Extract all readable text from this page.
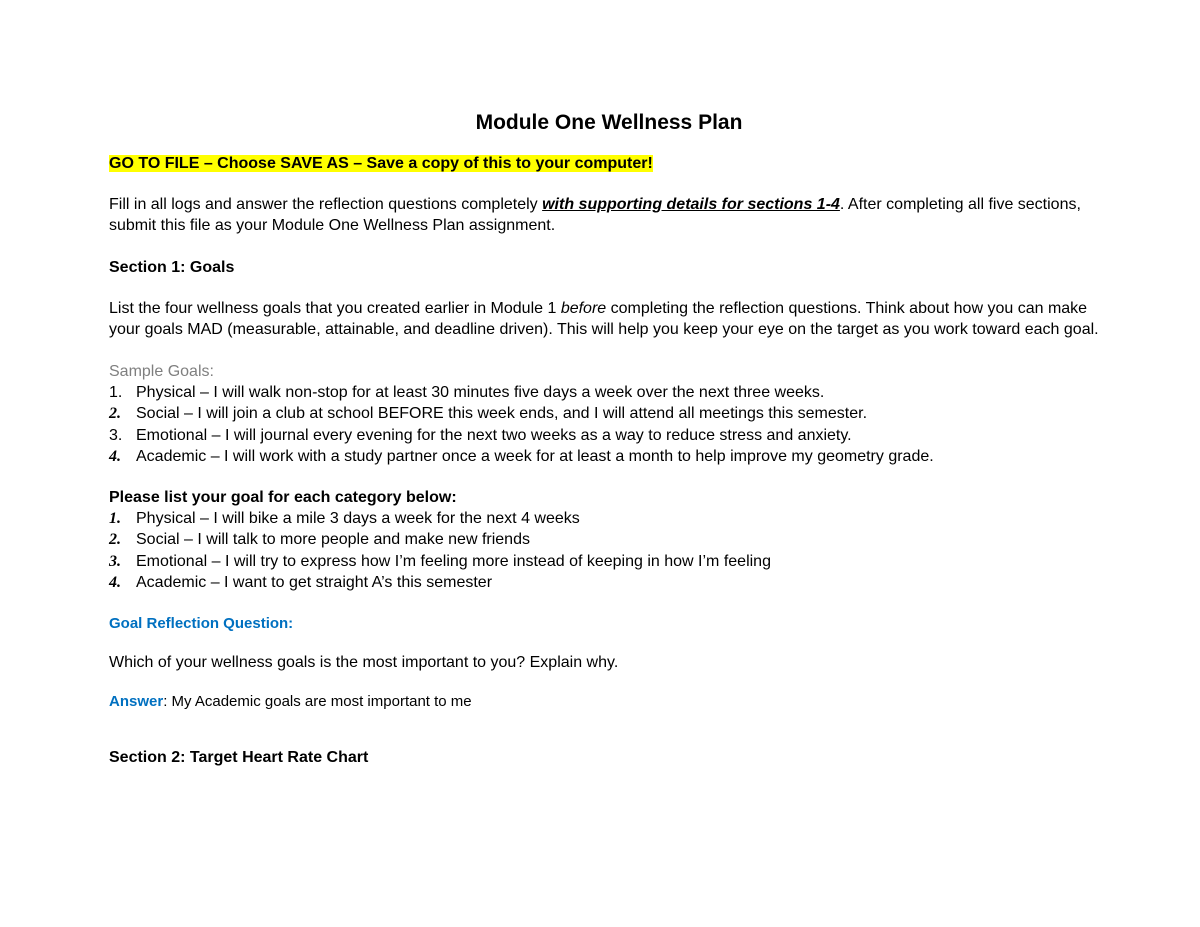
Module One Wellness Plan

GO TO FILE – Choose SAVE AS – Save a copy of this to your computer!

Fill in all logs and answer the reflection questions completely with supporting details for sections 1-4. After completing all five sections, submit this file as your Module One Wellness Plan assignment.

Section 1: Goals

List the four wellness goals that you created earlier in Module 1 before completing the reflection questions. Think about how you can make your goals MAD (measurable, attainable, and deadline driven). This will help you keep your eye on the target as you work toward each goal.

Sample Goals:

1. Physical – I will walk non-stop for at least 30 minutes five days a week over the next three weeks.
2. Social – I will join a club at school BEFORE this week ends, and I will attend all meetings this semester.
3. Emotional – I will journal every evening for the next two weeks as a way to reduce stress and anxiety.
4. Academic – I will work with a study partner once a week for at least a month to help improve my geometry grade.

Please list your goal for each category below:

1. Physical – I will bike a mile 3 days a week for the next 4 weeks
2. Social – I will talk to more people and make new friends
3. Emotional – I will try to express how I’m feeling more instead of keeping in how I’m feeling
4. Academic – I want to get straight A’s this semester

Goal Reflection Question:

Which of your wellness goals is the most important to you? Explain why.

Answer: My Academic goals are most important to me

Section 2: Target Heart Rate Chart
